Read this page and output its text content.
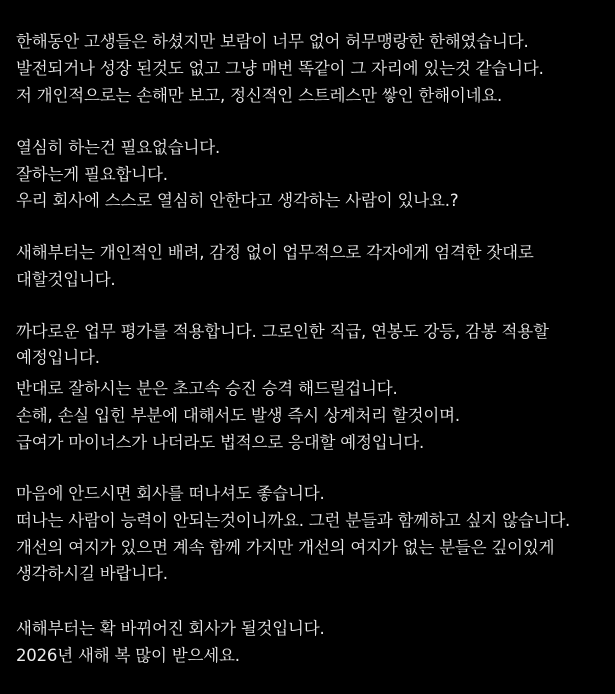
한해동안 고생들은 하셨지만 보람이 너무 없어 허무맹랑한 한해였습니다.
발전되거나 성장 된것도 없고 그냥 매번 똑같이 그 자리에 있는것 같습니다.
저 개인적으로는 손해만 보고, 정신적인 스트레스만 쌓인 한해이네요.
열심히 하는건 필요없습니다.
잘하는게 필요합니다.
우리 회사에 스스로 열심히 안한다고 생각하는 사람이 있나요.?
새해부터는 개인적인 배려, 감정 없이 업무적으로 각자에게 엄격한 잣대로
대할것입니다.
까다로운 업무 평가를 적용합니다. 그로인한 직급, 연봉도 강등, 감봉 적용할
예정입니다.
반대로 잘하시는 분은 초고속 승진 승격 해드릴겁니다.
손해, 손실 입힌 부분에 대해서도 발생 즉시 상계처리 할것이며.
급여가 마이너스가 나더라도 법적으로 응대할 예정입니다.
마음에 안드시면 회사를 떠나셔도 좋습니다.
떠나는 사람이 능력이 안되는것이니까요. 그런 분들과 함께하고 싶지 않습니다.
개선의 여지가 있으면 계속 함께 가지만 개선의 여지가 없는 분들은 깊이있게
생각하시길 바랍니다.
새해부터는 확 바뀌어진 회사가 될것입니다.
2026년 새해 복 많이 받으세요.
